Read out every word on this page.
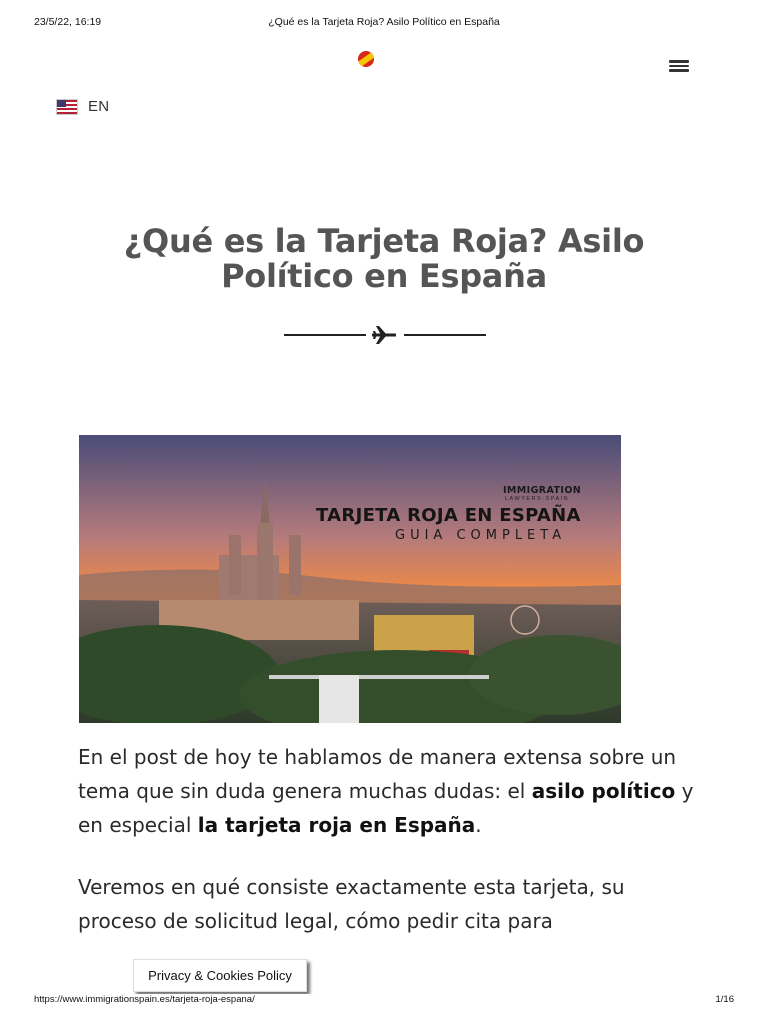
23/5/22, 16:19	¿Qué es la Tarjeta Roja? Asilo Político en España
EN
¿Qué es la Tarjeta Roja? Asilo Político en España
IMMIGRATION
LAWYERS·SPAIN
TARJETA ROJA EN ESPAÑA
GUIA COMPLETA

En el post de hoy te hablamos de manera extensa sobre un tema que sin duda genera muchas dudas: el asilo político y en especial la tarjeta roja en España.

Veremos en qué consiste exactamente esta tarjeta, su proceso de solicitud legal, cómo pedir cita para

Privacy & Cookies Policy
https://www.immigrationspain.es/tarjeta-roja-espana/	1/16
